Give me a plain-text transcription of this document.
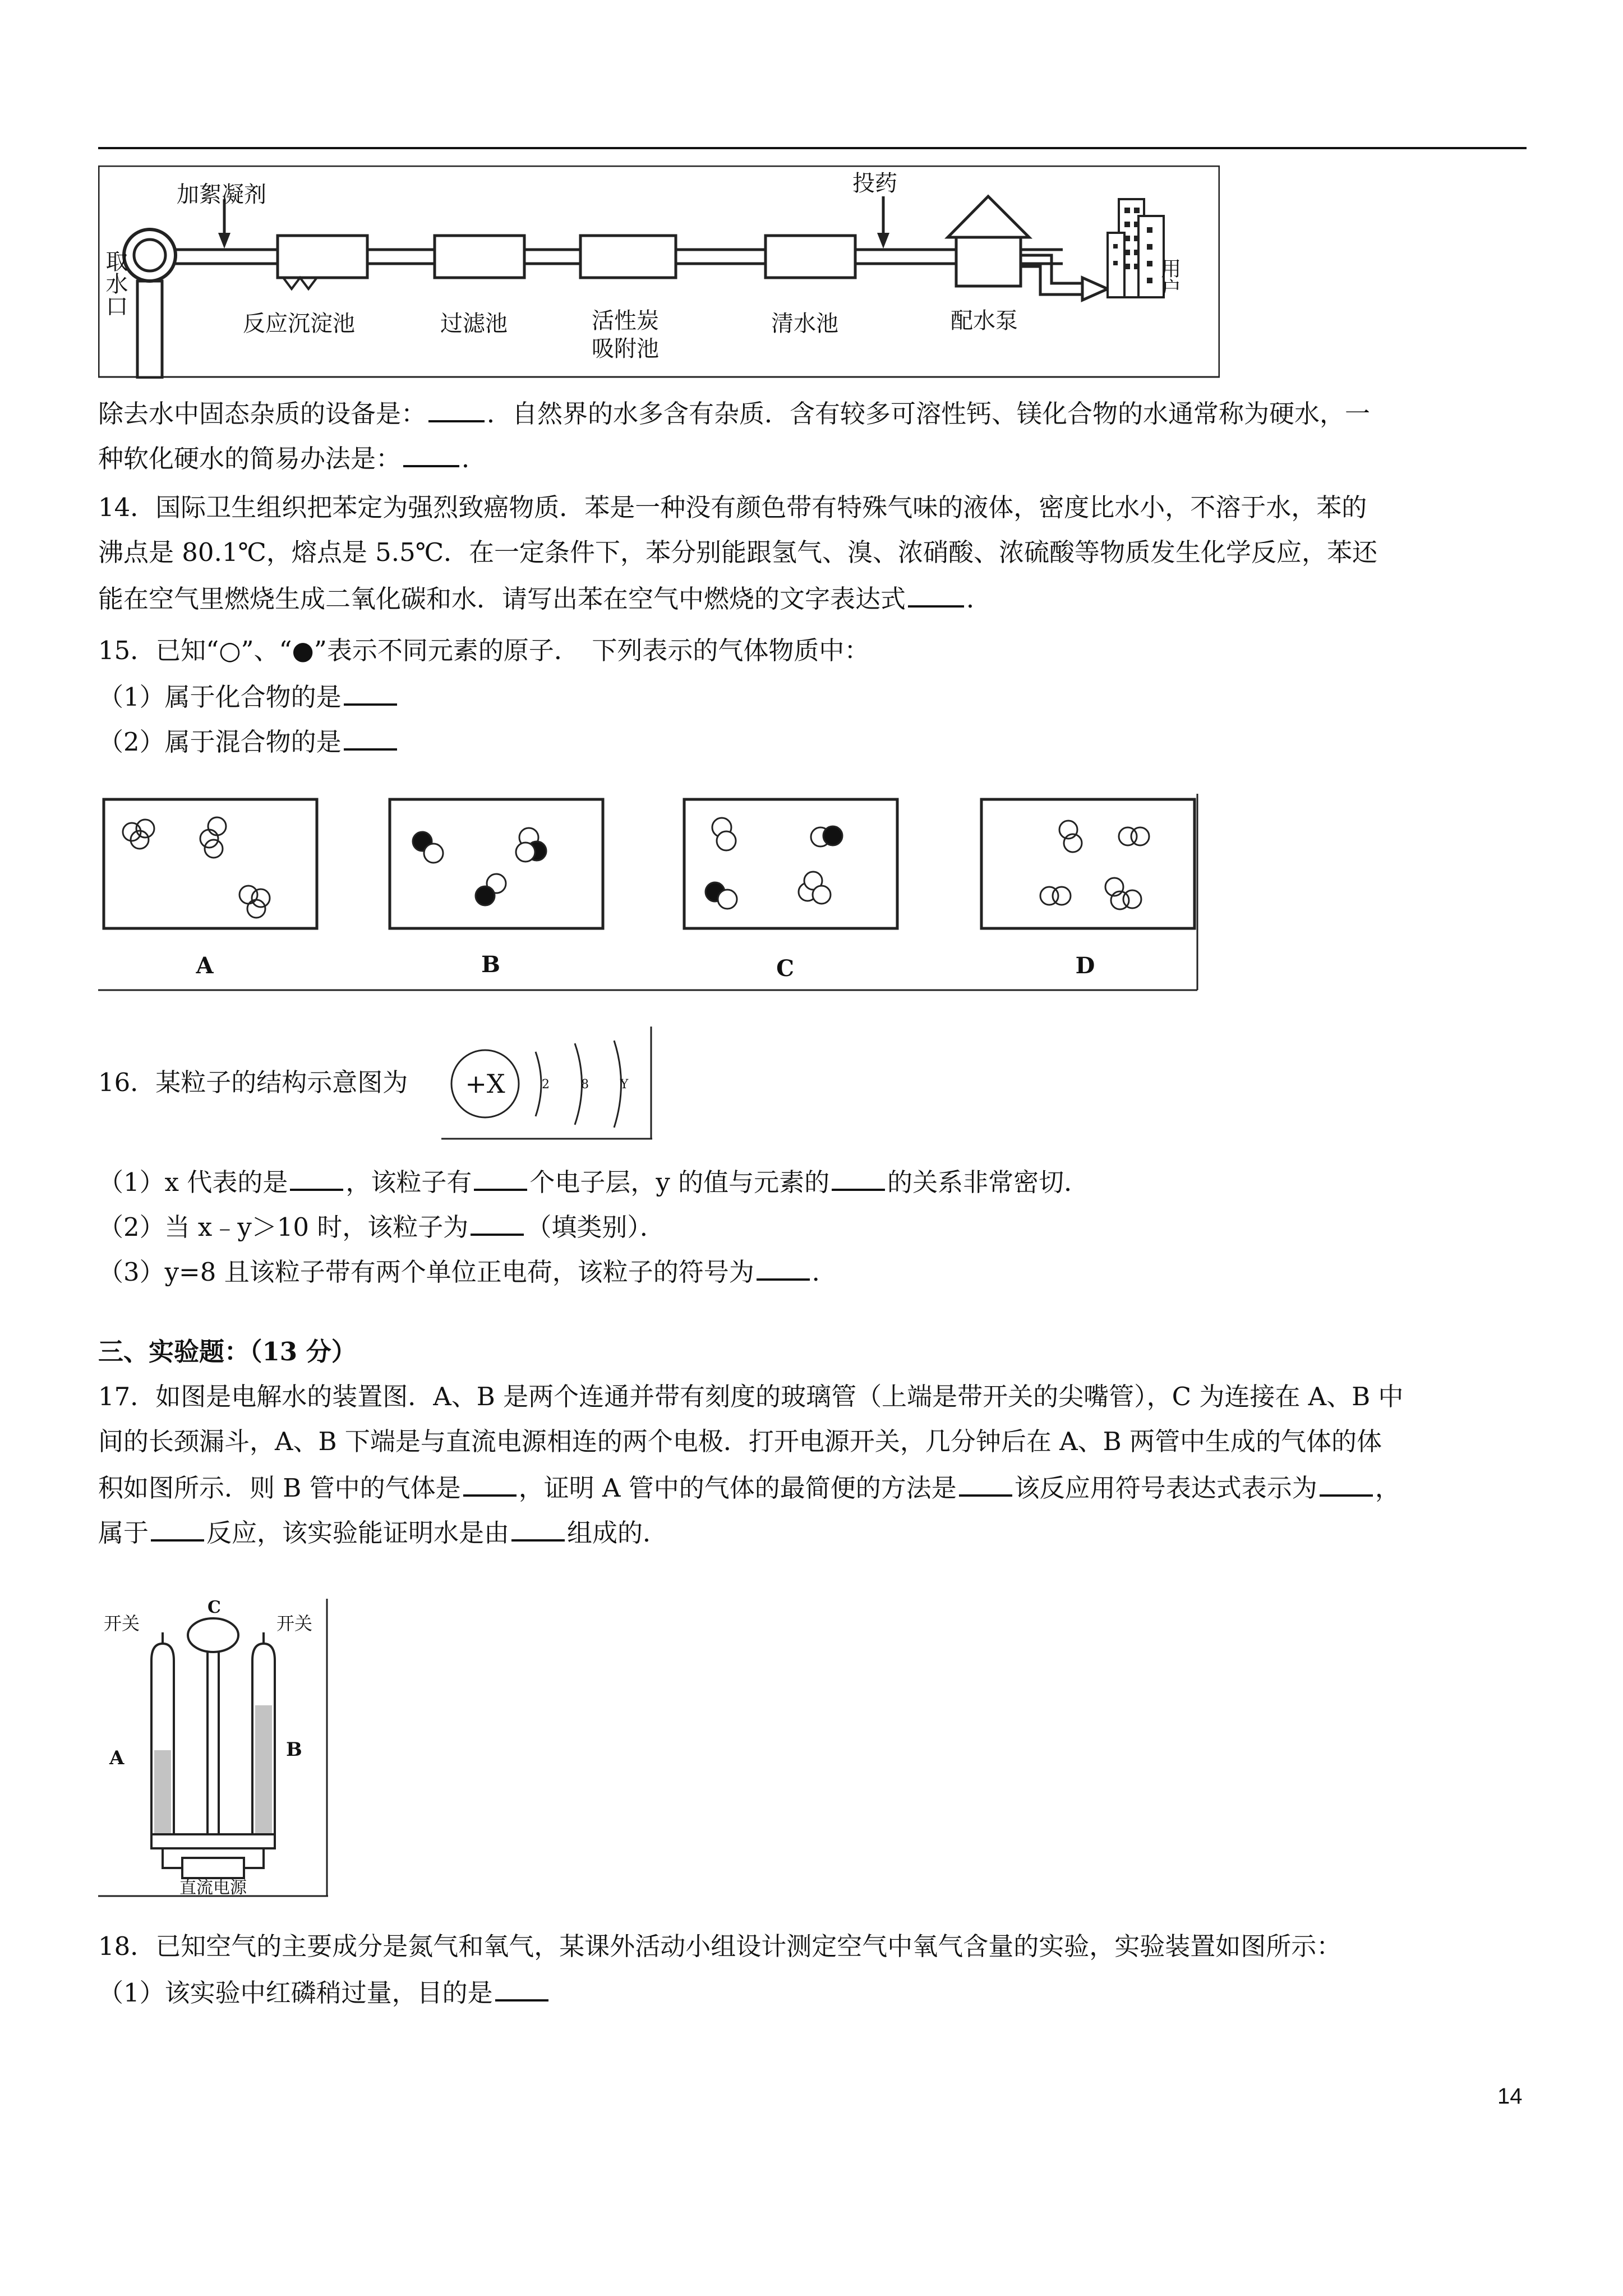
加絮凝剂
反应沉淀池	过滤池	活性炭
吸附池
清水池
投药
配水泵
用户
取水口
除去水中固态杂质的设备是： ．自然界的水多含有杂质．含有较多可溶性钙、镁化合物的水通常称为硬水，一
种软化硬水的简易办法是： ．
14．国际卫生组织把苯定为强烈致癌物质．苯是一种没有颜色带有特殊气味的液体，密度比水小，不溶于水，苯的
沸点是 80.1℃，熔点是 5.5℃．在一定条件下，苯分别能跟氢气、溴、浓硝酸、浓硫酸等物质发生化学反应，苯还
能在空气里燃烧生成二氧化碳和水．请写出苯在空气中燃烧的文字表达式 ．
15．已知“○”、“●”表示不同元素的原子．　下列表示的气体物质中：
（1）属于化合物的是
（2）属于混合物的是
A	B	C	D
16．某粒子的结构示意图为 +X	2	8	Y
（1）x 代表的是 ，该粒子有 个电子层，y 的值与元素的 的关系非常密切．
（2）当 x﹣y＞10 时，该粒子为 （填类别）．
（3）y=8 且该粒子带有两个单位正电荷，该粒子的符号为 ．
三、实验题：（13 分）
17．如图是电解水的装置图．A、B 是两个连通并带有刻度的玻璃管（上端是带开关的尖嘴管），C 为连接在 A、B 中
间的长颈漏斗，A、B 下端是与直流电源相连的两个电极．打开电源开关，几分钟后在 A、B 两管中生成的气体的体
积如图所示．则 B 管中的气体是 ，证明 A 管中的气体的最简便的方法是 该反应用符号表达式表示为 ，
属于 反应，该实验能证明水是由 组成的．
开关	开关
A	B
C
直流电源
18．已知空气的主要成分是氮气和氧气，某课外活动小组设计测定空气中氧气含量的实验，实验装置如图所示：
（1）该实验中红磷稍过量，目的是
14
